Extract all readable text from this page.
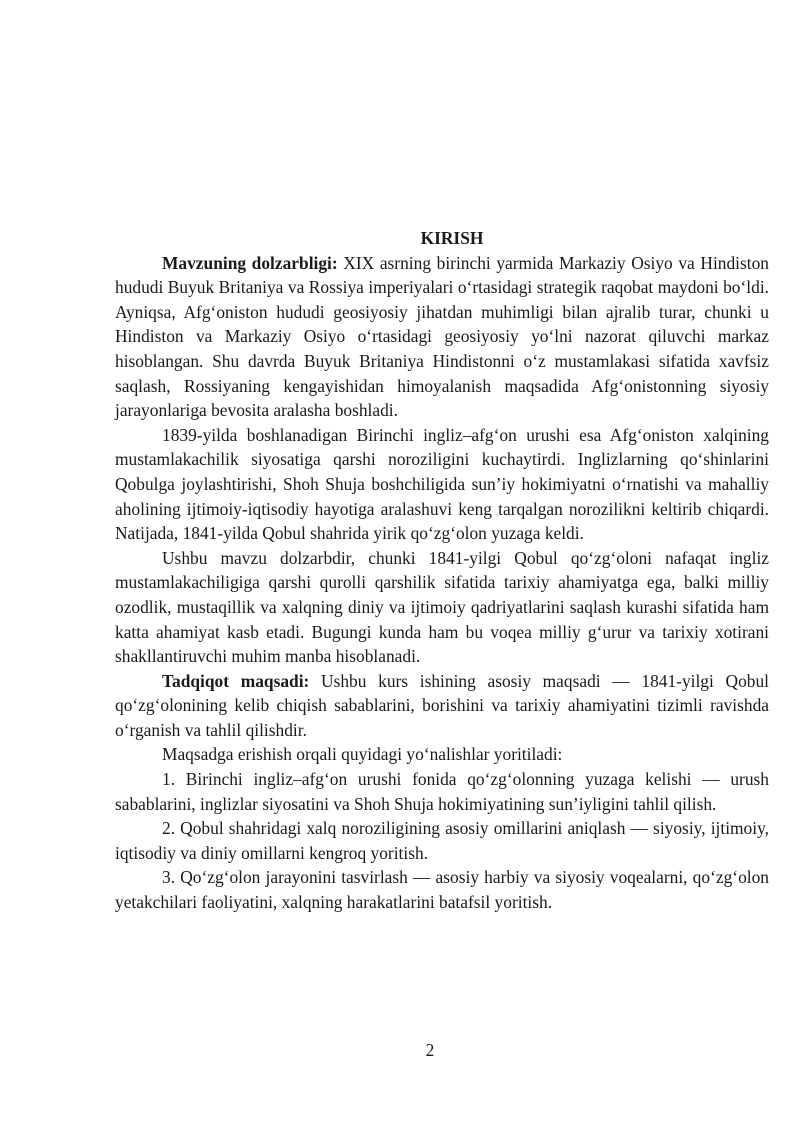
KIRISH

Mavzuning dolzarbligi: XIX asrning birinchi yarmida Markaziy Osiyo va Hindiston hududi Buyuk Britaniya va Rossiya imperiyalari oʻrtasidagi strategik raqobat maydoni boʻldi. Ayniqsa, Afgʻoniston hududi geosiyosiy jihatdan muhimligi bilan ajralib turar, chunki u Hindiston va Markaziy Osiyo oʻrtasidagi geosiyosiy yoʻlni nazorat qiluvchi markaz hisoblangan. Shu davrda Buyuk Britaniya Hindistonni oʻz mustamlakasi sifatida xavfsiz saqlash, Rossiyaning kengayishidan himoyalanish maqsadida Afgʻonistonning siyosiy jarayonlariga bevosita aralasha boshladi.

1839-yilda boshlanadigan Birinchi ingliz–afgʻon urushi esa Afgʻoniston xalqining mustamlakachilik siyosatiga qarshi noroziligini kuchaytirdi. Inglizlarning qoʻshinlarini Qobulga joylashtirishi, Shoh Shuja boshchiligida sunʼiy hokimiyatni oʻrnatishi va mahalliy aholining ijtimoiy-iqtisodiy hayotiga aralashuvi keng tarqalgan norozilikni keltirib chiqardi. Natijada, 1841-yilda Qobul shahrida yirik qoʻzgʻolon yuzaga keldi.

Ushbu mavzu dolzarbdir, chunki 1841-yilgi Qobul qoʻzgʻoloni nafaqat ingliz mustamlakachiligiga qarshi qurolli qarshilik sifatida tarixiy ahamiyatga ega, balki milliy ozodlik, mustaqillik va xalqning diniy va ijtimoiy qadriyatlarini saqlash kurashi sifatida ham katta ahamiyat kasb etadi. Bugungi kunda ham bu voqea milliy gʻurur va tarixiy xotirani shakllantiruvchi muhim manba hisoblanadi.

Tadqiqot maqsadi: Ushbu kurs ishining asosiy maqsadi — 1841-yilgi Qobul qoʻzgʻolonining kelib chiqish sabablarini, borishini va tarixiy ahamiyatini tizimli ravishda oʻrganish va tahlil qilishdir.

Maqsadga erishish orqali quyidagi yoʻnalishlar yoritiladi:

1. Birinchi ingliz–afgʻon urushi fonida qoʻzgʻolonning yuzaga kelishi — urush sabablarini, inglizlar siyosatini va Shoh Shuja hokimiyatining sunʼiyligini tahlil qilish.

2. Qobul shahridagi xalq noroziligining asosiy omillarini aniqlash — siyosiy, ijtimoiy, iqtisodiy va diniy omillarni kengroq yoritish.

3. Qoʻzgʻolon jarayonini tasvirlash — asosiy harbiy va siyosiy voqealarni, qoʻzgʻolon yetakchilari faoliyatini, xalqning harakatlarini batafsil yoritish.

2
